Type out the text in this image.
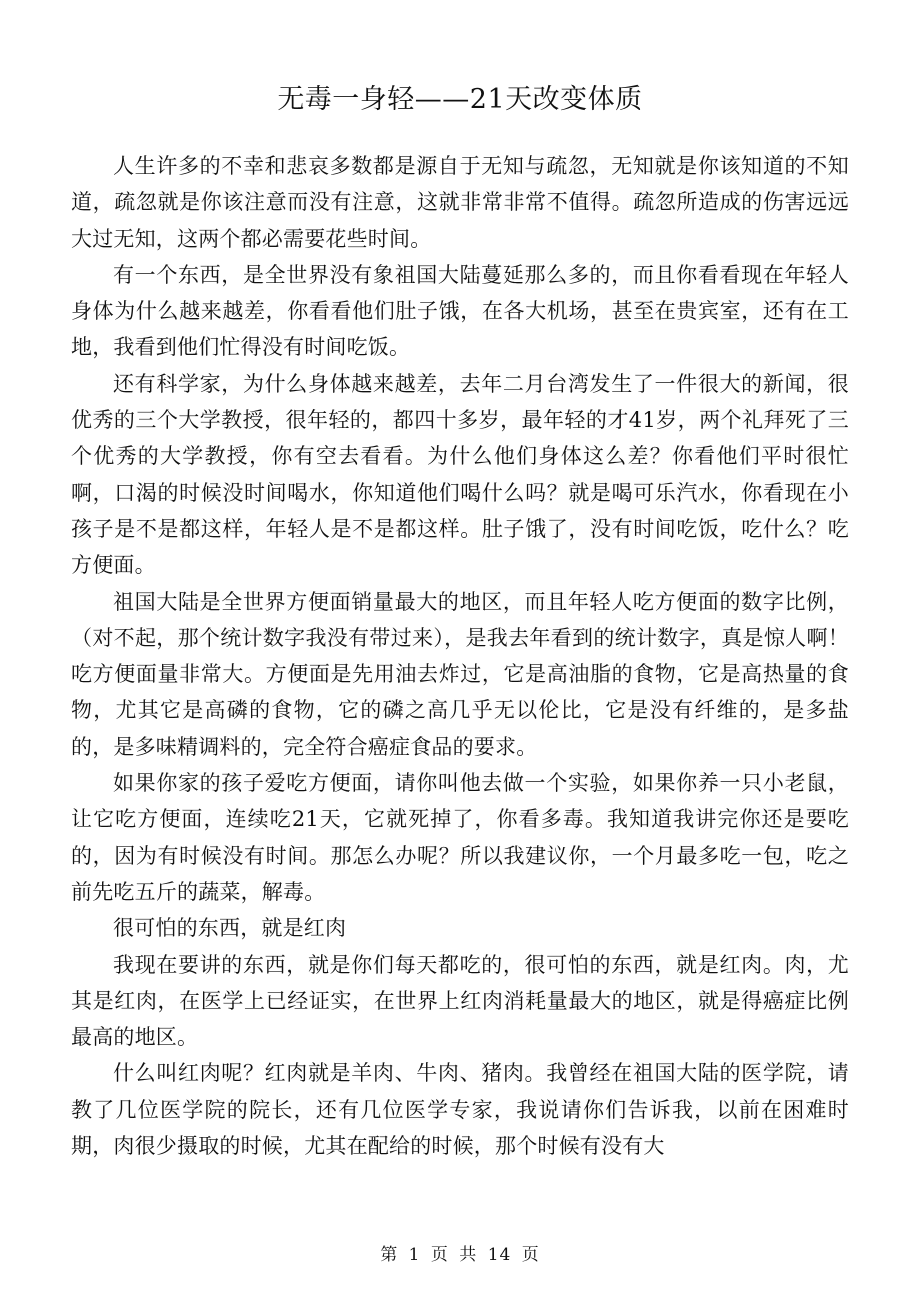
无毒一身轻——21天改变体质

人生许多的不幸和悲哀多数都是源自于无知与疏忽，无知就是你该知道的不知道，疏忽就是你该注意而没有注意，这就非常非常不值得。疏忽所造成的伤害远远大过无知，这两个都必需要花些时间。

有一个东西，是全世界没有象祖国大陆蔓延那么多的，而且你看看现在年轻人身体为什么越来越差，你看看他们肚子饿，在各大机场，甚至在贵宾室，还有在工地，我看到他们忙得没有时间吃饭。

还有科学家，为什么身体越来越差，去年二月台湾发生了一件很大的新闻，很优秀的三个大学教授，很年轻的，都四十多岁，最年轻的才41岁，两个礼拜死了三个优秀的大学教授，你有空去看看。为什么他们身体这么差？你看他们平时很忙啊，口渴的时候没时间喝水，你知道他们喝什么吗？就是喝可乐汽水，你看现在小孩子是不是都这样，年轻人是不是都这样。肚子饿了，没有时间吃饭，吃什么？吃方便面。

祖国大陆是全世界方便面销量最大的地区，而且年轻人吃方便面的数字比例，（对不起，那个统计数字我没有带过来），是我去年看到的统计数字，真是惊人啊！吃方便面量非常大。方便面是先用油去炸过，它是高油脂的食物，它是高热量的食物，尤其它是高磷的食物，它的磷之高几乎无以伦比，它是没有纤维的，是多盐的，是多味精调料的，完全符合癌症食品的要求。

如果你家的孩子爱吃方便面，请你叫他去做一个实验，如果你养一只小老鼠，让它吃方便面，连续吃21天，它就死掉了，你看多毒。我知道我讲完你还是要吃的，因为有时候没有时间。那怎么办呢？所以我建议你，一个月最多吃一包，吃之前先吃五斤的蔬菜，解毒。

很可怕的东西，就是红肉

我现在要讲的东西，就是你们每天都吃的，很可怕的东西，就是红肉。肉，尤其是红肉，在医学上已经证实，在世界上红肉消耗量最大的地区，就是得癌症比例最高的地区。

什么叫红肉呢？红肉就是羊肉、牛肉、猪肉。我曾经在祖国大陆的医学院，请教了几位医学院的院长，还有几位医学专家，我说请你们告诉我，以前在困难时期，肉很少摄取的时候，尤其在配给的时候，那个时候有没有大

第 1 页 共 14 页
